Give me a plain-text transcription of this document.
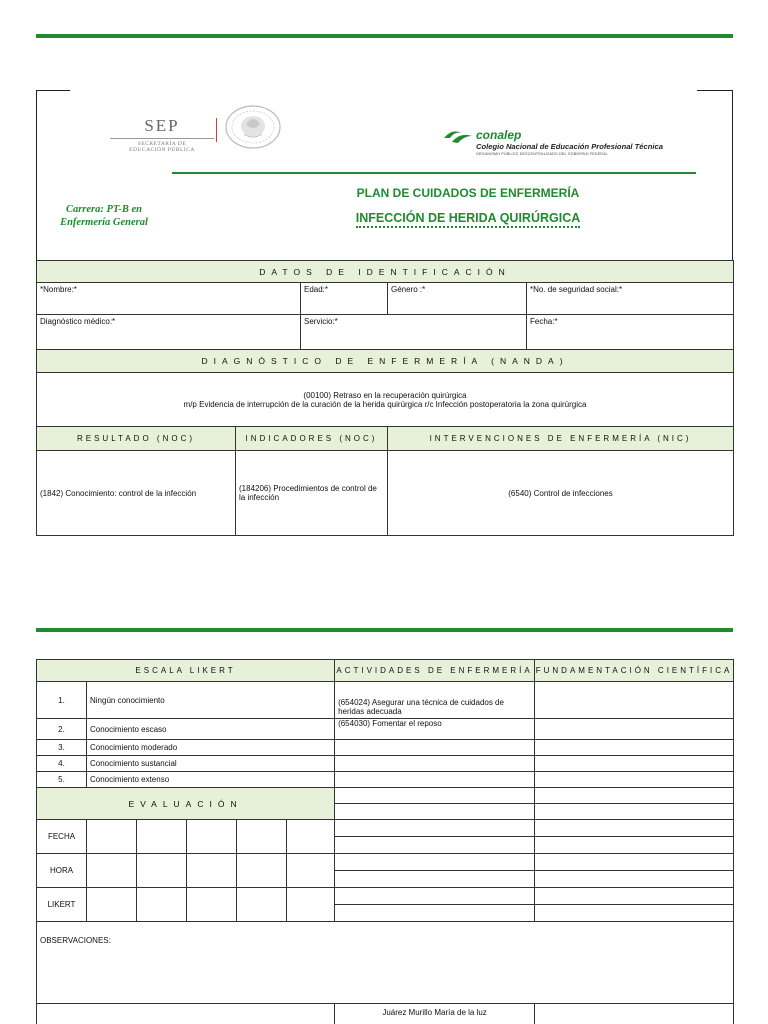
SEP
SECRETARÍA DE
EDUCACIÓN PÚBLICA
conalep
Colegio Nacional de Educación Profesional Técnica
ORGANISMO PÚBLICO DESCENTRALIZADO DEL GOBIERNO FEDERAL
Carrera: PT-B en
Enfermería General
PLAN DE CUIDADOS DE ENFERMERÍA
INFECCIÓN DE HERIDA QUIRÚRGICA
DATOS DE IDENTIFICACIÓN				
*Nombre:*		Edad:*	Género :*	*No. de seguridad social:*
Diagnóstico médico:*		Servicio:*		Fecha:*
DIAGNÓSTICO DE ENFERMERÍA (NANDA)				

(00100) Retraso en la recuperación quirúrgica
m/p Evidencia de interrupción de la curación de la herida quirúrgica r/c Infección postoperatoria la zona quirúrgica				

RESULTADO (NOC)	INDICADORES (NOC)		INTERVENCIONES DE ENFERMERÍA (NIC)	
(1842) Conocimiento: control de la infección	(184206) Procedimientos de control de la infección		(6540) Control de infecciones	
ESCALA LIKERT						ACTIVIDADES DE ENFERMERÍA	FUNDAMENTACIÓN CIENTÍFICA
1.	Ningún conocimiento					(654024) Asegurar una técnica de cuidados de heridas adecuada	
2.	Conocimiento escaso					(654030) Fomentar el reposo	
3.	Conocimiento moderado						
4.	Conocimiento sustancial						
5.	Conocimiento extenso						
EVALUACIÓN							

FECHA							

HORA							

LIKERT							

OBSERVACIONES:							
						Juárez Murillo María de la luz	
